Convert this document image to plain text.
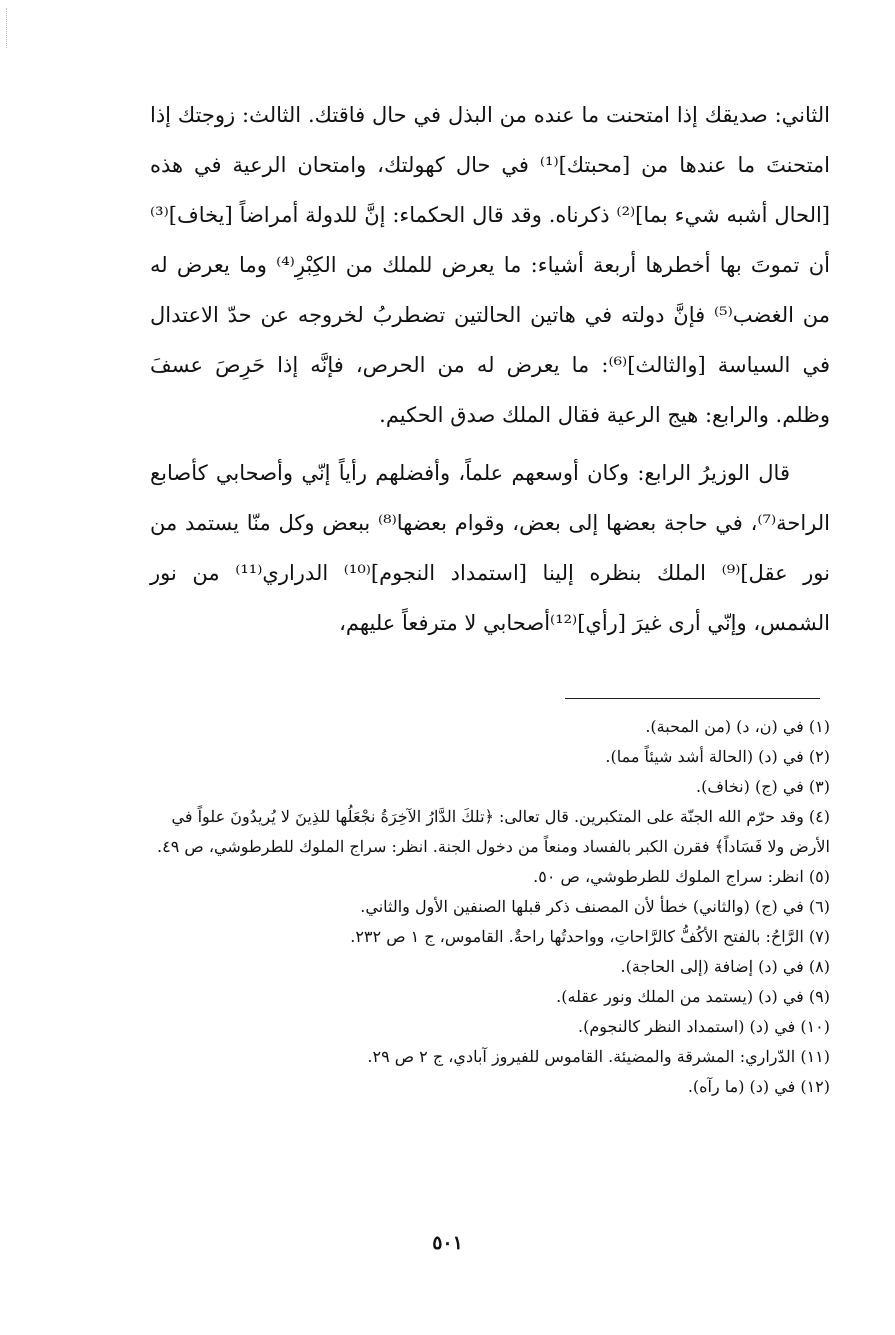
الثاني: صديقك إذا امتحنت ما عنده من البذل في حال فاقتك. الثالث: زوجتك إذا امتحنتَ ما عندها من [محبتك]⁽¹⁾ في حال كهولتك، وامتحان الرعية في هذه [الحال أشبه شيء بما]⁽²⁾ ذكرناه. وقد قال الحكماء: إنَّ للدولة أمراضاً [يخاف]⁽³⁾ أن تموتَ بها أخطرها أربعة أشياء: ما يعرض للملك من الكِبْرِ⁽⁴⁾ وما يعرض له من الغضب⁽⁵⁾ فإنَّ دولته في هاتين الحالتين تضطربُ لخروجه عن حدّ الاعتدال في السياسة [والثالث]⁽⁶⁾: ما يعرض له من الحرص، فإنَّه إذا حَرِصَ عسفَ وظلم. والرابع: هيج الرعية فقال الملك صدق الحكيم.

قال الوزيرُ الرابع: وكان أوسعهم علماً، وأفضلهم رأياً إنّي وأصحابي كأصابع الراحة⁽⁷⁾، في حاجة بعضها إلى بعض، وقوام بعضها⁽⁸⁾ ببعض وكل منّا يستمد من نور عقل]⁽⁹⁾ الملك بنظره إلينا [استمداد النجوم]⁽¹⁰⁾ الدراري⁽¹¹⁾ من نور الشمس، وإنّي أرى غيرَ [رأي]⁽¹²⁾أصحابي لا مترفعاً عليهم،

(١) في (ن، د) (من المحبة).

(٢) في (د) (الحالة أشد شيئاً مما).

(٣) في (ج) (نخاف).

(٤) وقد حرّم الله الجنّة على المتكبرين. قال تعالى: ﴿تلكَ الدَّارُ الآخِرَةُ نجْعَلُها للذِينَ لا يُريدُونَ علواً في الأرض ولا فَسَاداً﴾ فقرن الكبر بالفساد ومنعاً من دخول الجنة. انظر: سراج الملوك للطرطوشي، ص ٤٩.

(٥) انظر: سراج الملوك للطرطوشي، ص ٥٠.

(٦) في (ج) (والثاني) خطأ لأن المصنف ذكر قبلها الصنفين الأول والثاني.

(٧) الرَّاحُ: بالفتح الأكُفُّ كالرَّاحاتِ، وواحدتُها راحةٌ. القاموس، ج ١ ص ٢٣٢.

(٨) في (د) إضافة (إلى الحاجة).

(٩) في (د) (يستمد من الملك ونور عقله).

(١٠) في (د) (استمداد النظر كالنجوم).

(١١) الدّراري: المشرقة والمضيئة. القاموس للفيروز آبادي، ج ٢ ص ٢٩.

(١٢) في (د) (ما رآه).

٥٠١
